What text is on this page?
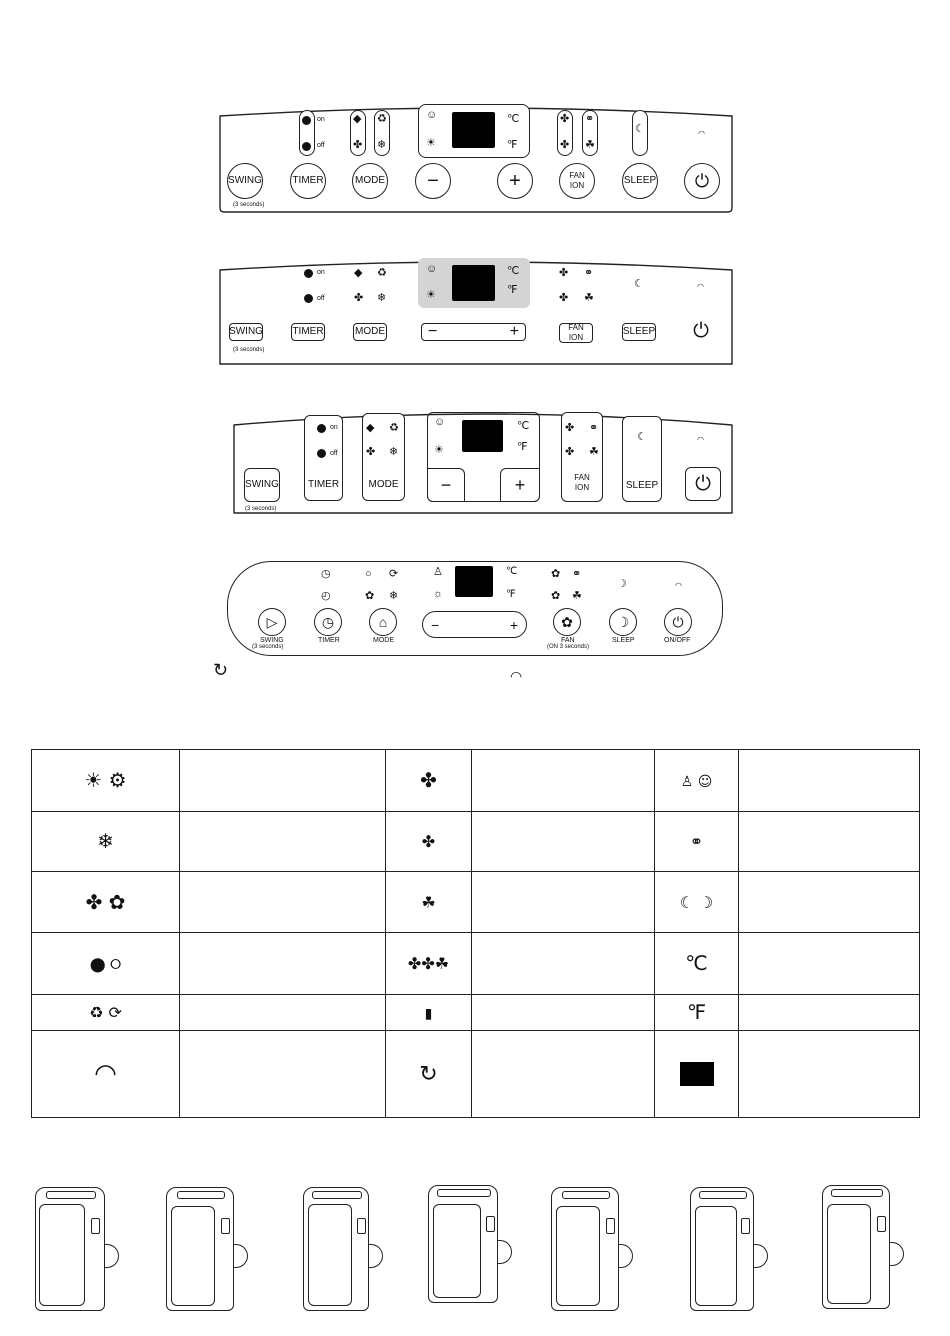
on
off
◆ ♻
✤ ❄
☺
☀
℃
℉
✤ ⚭
✤ ☘
☾	◠
SWING
(3 seconds)
TIMER	MODE	−	+	FAN
ION	SLEEP ⏻
on
off
◆ ♻
✤ ❄
☺
☀
℃
℉
✤ ⚭
✤ ☘
☾	◠
SWING
(3 seconds)
TIMER	MODE	−	+	FAN
ION
SLEEP ⏻
SWING
(3 seconds)
TIMER
on
off
MODE
◆ ♻
✤ ❄
☺
☀
℃
℉
−	+	FAN
ION
✤ ⚭
✤ ☘
SLEEP
☾	◠
⏻
◷
◴
○ ⟳
✿ ❄
♙
☼
℃
℉
✿ ⚭
✿ ☘
☽	◠
▷
SWING
(3 seconds)
◷
TIMER
⌂
MODE
−	+	✿
FAN
(ON 3 seconds)
☽
SLEEP
⏻
ON/OFF
↻	◠
☀ ⚙		✤		♙ ☺	
❄		✤		⚭	
✤ ✿		☘		☾ ☽	
⬤ ⭘		✤✤☘		℃	
♻ ⟳		▮		℉	
◠		↻		
